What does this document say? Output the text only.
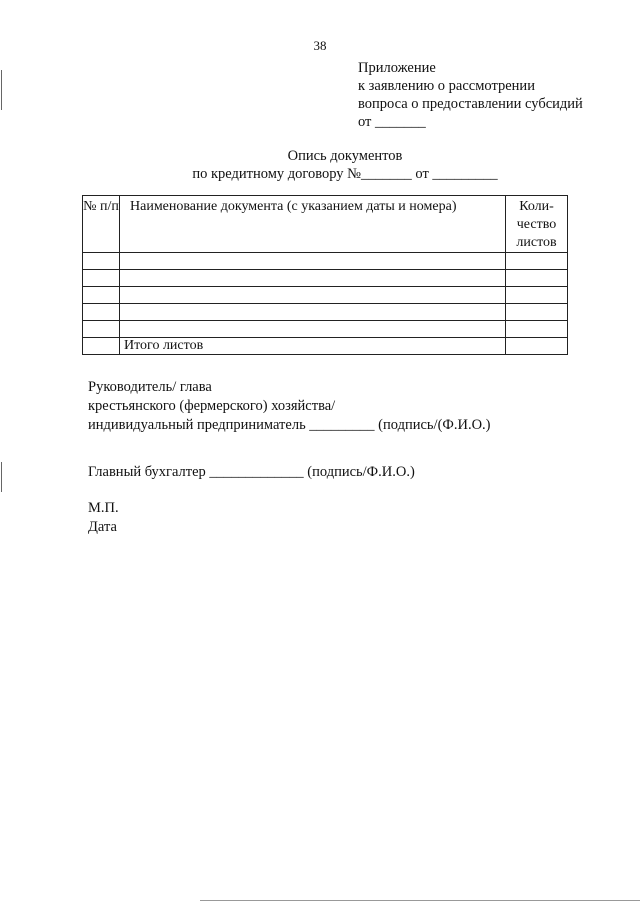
38
Приложение
к заявлению о рассмотрении
вопроса о предоставлении субсидий
от _______
Опись документов
по кредитному договору №_______ от _________
№ п/п	Наименование документа (с указанием даты и номера)	Коли-чество листов

	Итого листов	
Руководитель/ глава
крестьянского (фермерского) хозяйства/
индивидуальный предприниматель _________ (подпись/(Ф.И.О.)
Главный бухгалтер _____________ (подпись/Ф.И.О.)
М.П.
Дата
